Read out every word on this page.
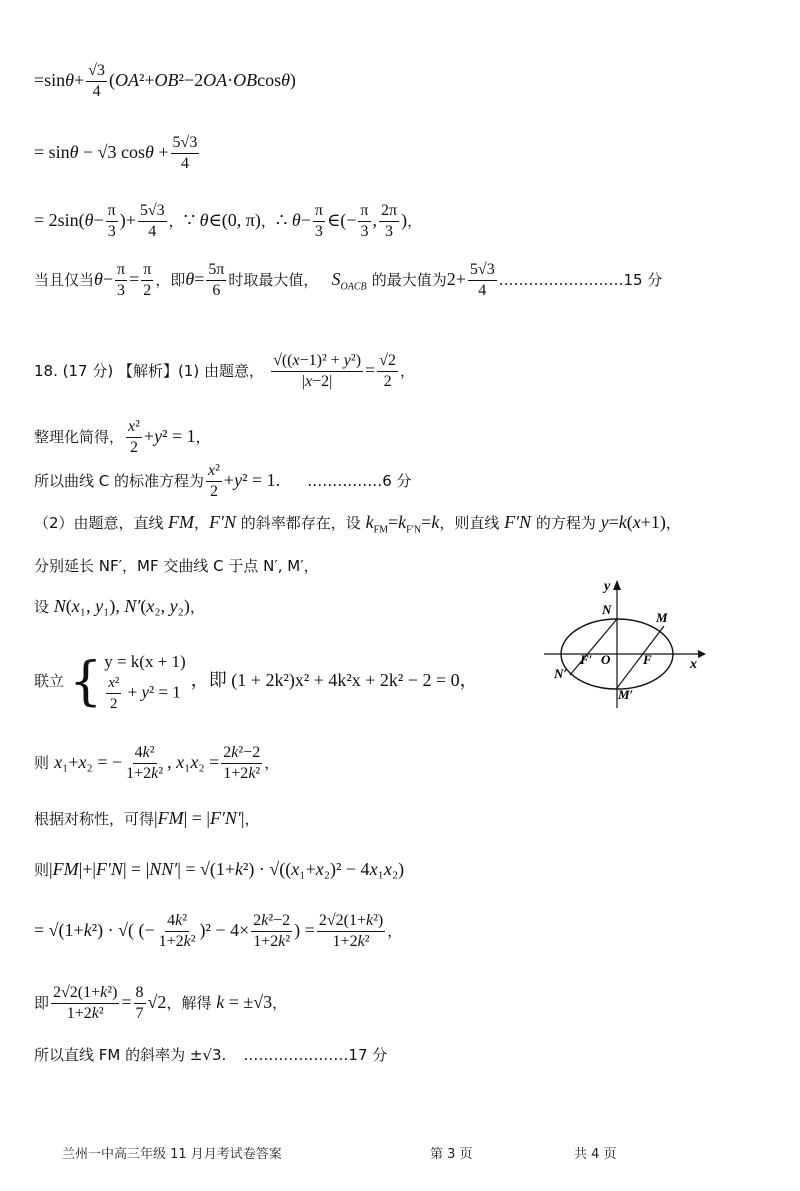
$=\sin\theta+ \frac{√3}{4} (OA^2+OB^2-2OA\cdot OBcos\theta)$
= sinθ − √3 $\cos\theta + \frac{5√3}{4}$
= $2\sin(\theta- \frac{\pi}{3}$ )+ $\frac{5√3}{4}$ ，∵ θ∈(0, π)，∴ $\theta- \frac{\pi}{3}$ ∈(− $\frac{\pi}{3}$ , $\frac{2\pi}{3}$ )，
当且仅当$\theta- \frac{\pi}{3} = \frac{\pi}{2}$ ，即$\theta= \frac{5\pi}{6}$ 时取最大值， $S_{OACB}$ 的最大值为$2+ \frac{5√3}{4}$ .……………………15 分
18. (17 分) 【解析】(1) 由题意， $\frac{\text{√((x−1)² + y²)}}{|x-2|} = \frac{√2}{2}$ ，
整理化简得， $\frac{\text{x²}}{2} +y^2 = 1$，
所以曲线 C 的标准方程为 $\frac{\text{x²}}{2} +y^2 = 1$. ……………6 分
（2）由题意，直线 FM，F′N 的斜率都存在，设 $k_{FM}=k_{F'N}=k$，则直线 F′N 的方程为 y=k(x+1)，
分别延长 NF′，MF 交曲线 C 于点 N′, M′，
设 N(x₁, y₁), N′(x₂, y₂)，
联立 { y = k(x + 1)
$\frac{\text{x²}}{2} + y^2 = 1$
，即 (1 + 2k²)x² + 4k²x + 2k² − 2 = 0，
则 x₁+x₂ = − $\frac{\text{4k²}}{\text{1+2k²}}$ , $x_1x_2 = \frac{\text{2k²−2}}{\text{1+2k²}}$ ，
根据对称性，可得|FM| = |F′N′|，
则|FM|+|F′N| = |NN′| = √(1+k²) · √((x₁+x₂)² − 4x₁x₂)
= √(1+k²) · √( (− $\frac{\text{4k²}}{\text{1+2k²}} )^2 - 4\times \frac{\text{2k²−2}}{\text{1+2k²}}$ ) = $\frac{\text{2√2(1+k²)}}{\text{1+2k²}}$ ，
即 $\frac{\text{2√2(1+k²)}}{\text{1+2k²}} = \frac{8}{7} √2$，解得 k = ±√3，
所以直线 FM 的斜率为 ±√3. …………………17 分
y
x
N
M
F′ O	F
N′
M′
兰州一中高三年级 11 月月考试卷答案	第 3 页	共 4 页
